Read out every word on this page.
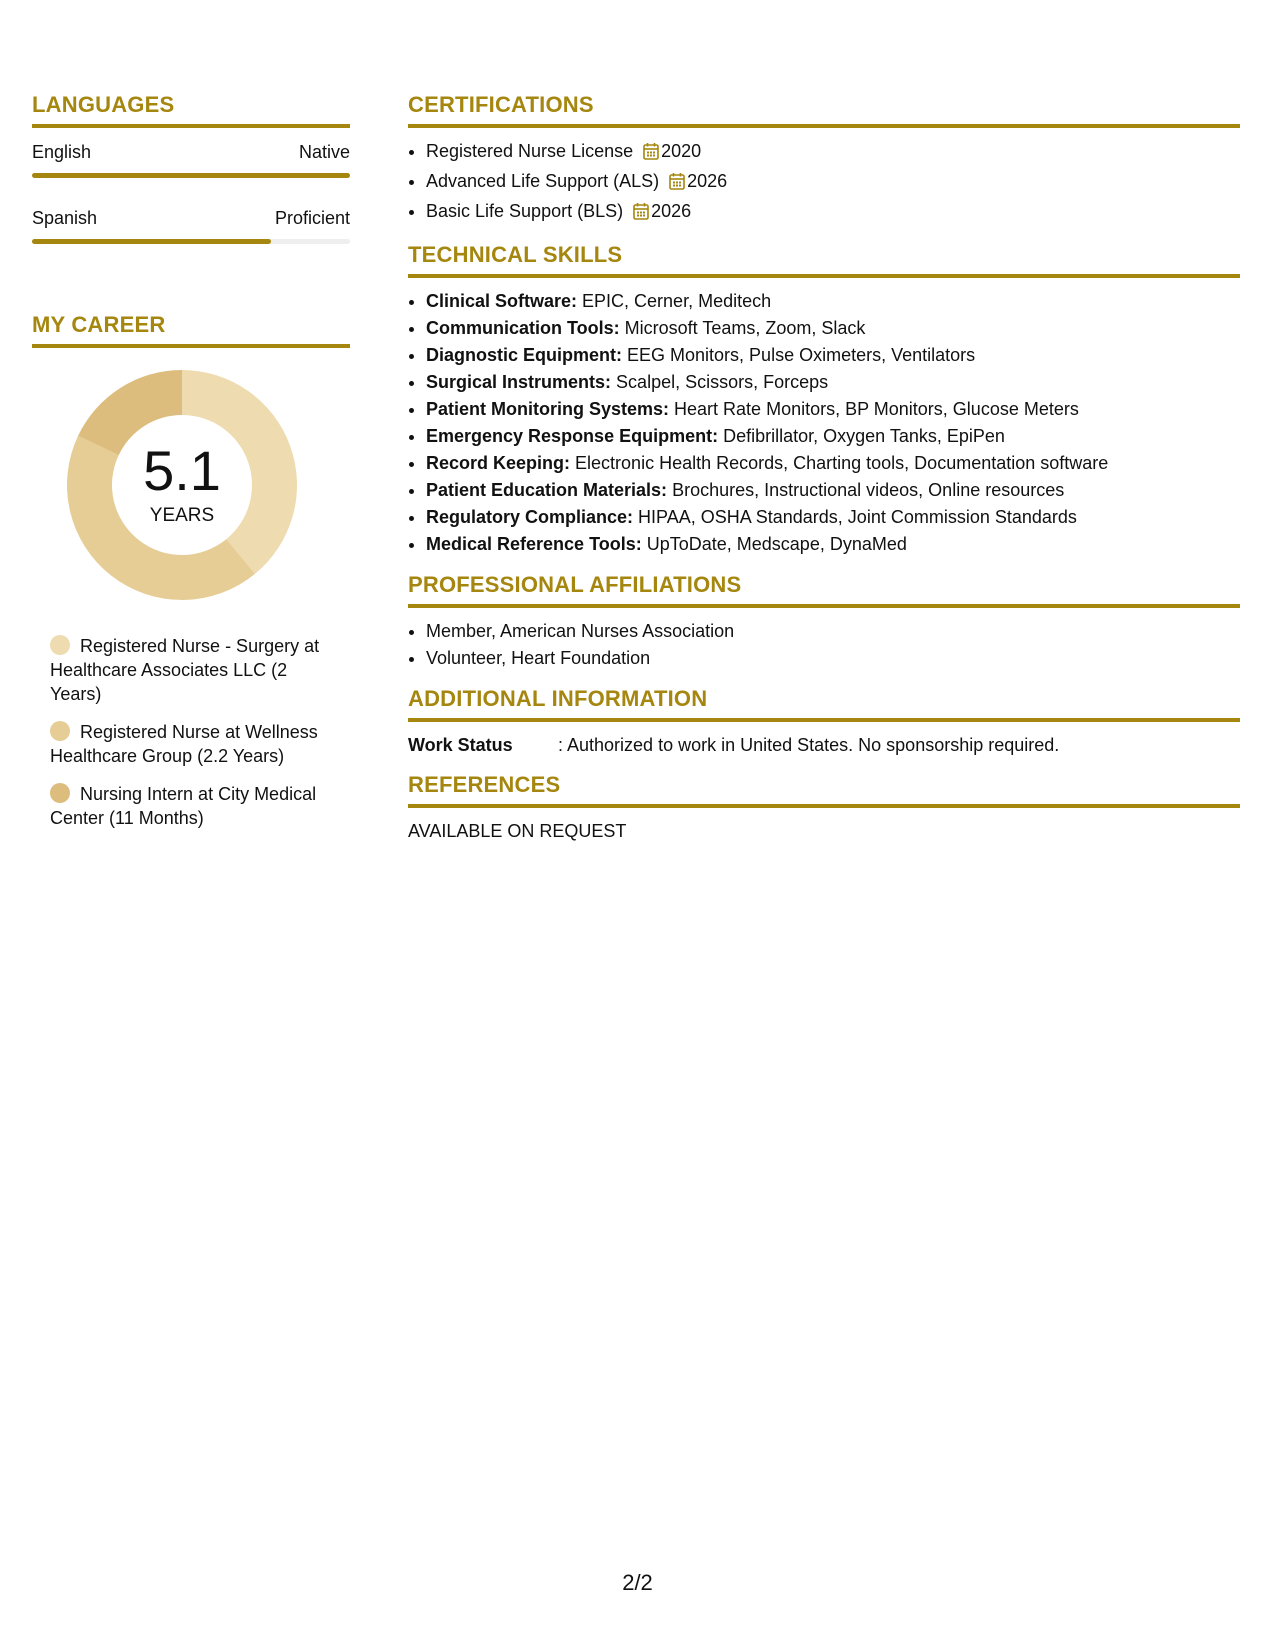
LANGUAGES
English	Native
Spanish	Proficient
MY CAREER
5.1
YEARS
Registered Nurse - Surgery at Healthcare Associates LLC (2 Years)
Registered Nurse at Wellness Healthcare Group (2.2 Years)
Nursing Intern at City Medical Center (11 Months)
CERTIFICATIONS
• Registered Nurse License 2020
• Advanced Life Support (ALS) 2026
• Basic Life Support (BLS) 2026
TECHNICAL SKILLS
• Clinical Software: EPIC, Cerner, Meditech
• Communication Tools: Microsoft Teams, Zoom, Slack
• Diagnostic Equipment: EEG Monitors, Pulse Oximeters, Ventilators
• Surgical Instruments: Scalpel, Scissors, Forceps
• Patient Monitoring Systems: Heart Rate Monitors, BP Monitors, Glucose Meters
• Emergency Response Equipment: Defibrillator, Oxygen Tanks, EpiPen
• Record Keeping: Electronic Health Records, Charting tools, Documentation software
• Patient Education Materials: Brochures, Instructional videos, Online resources
• Regulatory Compliance: HIPAA, OSHA Standards, Joint Commission Standards
• Medical Reference Tools: UpToDate, Medscape, DynaMed
PROFESSIONAL AFFILIATIONS
• Member, American Nurses Association
• Volunteer, Heart Foundation
ADDITIONAL INFORMATION
Work Status	: Authorized to work in United States. No sponsorship required.
REFERENCES
AVAILABLE ON REQUEST
2/2
